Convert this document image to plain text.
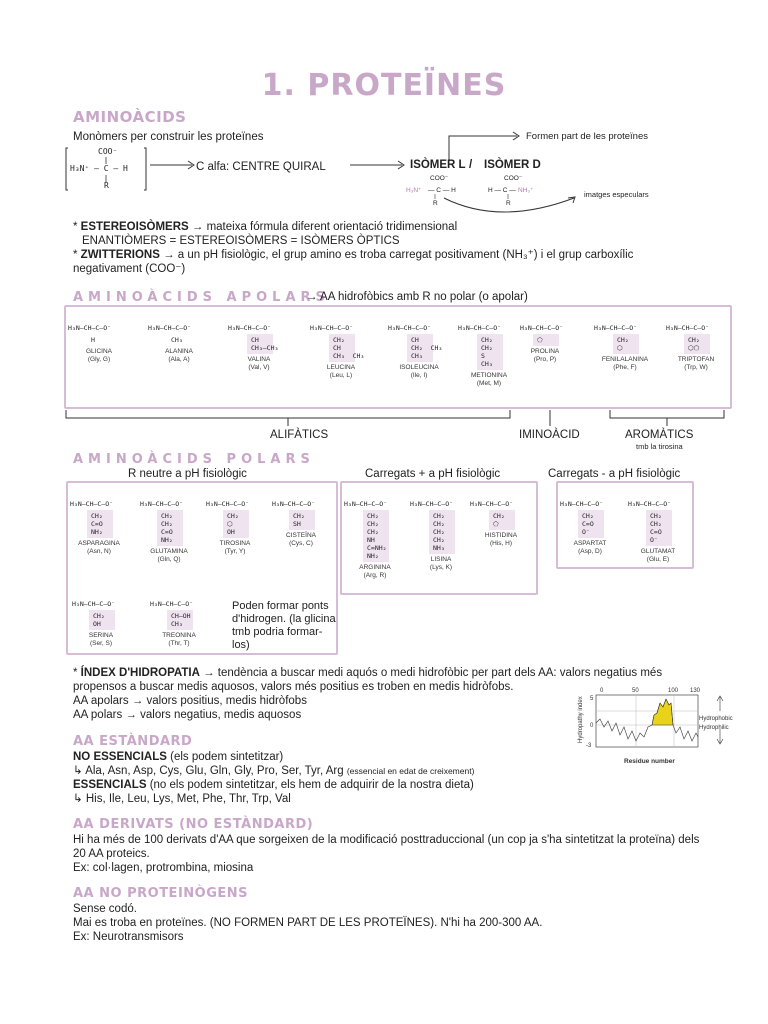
1. PROTEÏNES
AMINOÀCIDS
Monòmers per construir les proteïnes
COO⁻
H₃N⁺ — C — H
R
C alfa: CENTRE QUIRAL
Formen part de les proteïnes
ISÒMER L / ISÒMER D
COO⁻
H₃N⁺ — C — H
R
COO⁻
H — C — NH₃⁺
R
imatges especulars
* ESTEREOISÒMERS → mateixa fórmula diferent orientació tridimensional
ENANTIÒMERS = ESTEREOISÒMERS = ISÒMERS ÒPTICS
* ZWITTERIONS → a un pH fisiològic, el grup amino es troba carregat positivament (NH₃⁺) i el grup carboxílic negativament (COO⁻)
AMINOÀCIDS APOLARS
→ AA hidrofòbics amb R no polar (o apolar)
H₃N—CH—C—O⁻
H
GLICINA
(Gly, G)
H₃N—CH—C—O⁻
CH₃
ALANINA
(Ala, A)
H₃N—CH—C—O⁻
CH
CH₃—CH₃
VALINA
(Val, V)
H₃N—CH—C—O⁻
CH₂
CH
CH₃  CH₃
LEUCINA
(Leu, L)
H₃N—CH—C—O⁻
CH
CH₂  CH₃
CH₃
ISOLEUCINA
(Ile, I)
H₃N—CH—C—O⁻
CH₂
CH₂
S
CH₃
METIONINA
(Met, M)
H₃N—CH—C—O⁻
⬠
PROLINA
(Pro, P)
H₃N—CH—C—O⁻
CH₂
⬡
FENILALANINA
(Phe, F)
H₃N—CH—C—O⁻
CH₂
⬡⬠
TRIPTOFAN
(Trp, W)
ALIFÀTICS	IMINOÀCID	AROMÀTICS
tmb la tirosina
AMINOÀCIDS POLARS
R neutre a pH fisiològic	Carregats + a pH fisiològic	Carregats - a pH fisiològic
H₃N—CH—C—O⁻
CH₂
C=O
NH₂
ASPARAGINA
(Asn, N)
H₃N—CH—C—O⁻
CH₂
CH₂
C=O
NH₂
GLUTAMINA
(Gln, Q)
H₃N—CH—C—O⁻
CH₂
⬡
OH
TIROSINA
(Tyr, Y)
H₃N—CH—C—O⁻
CH₂
SH
CISTEÏNA
(Cys, C)
H₃N—CH—C—O⁻
CH₂
OH
SERINA
(Ser, S)
H₃N—CH—C—O⁻
CH—OH
CH₃
TREONINA
(Thr, T)
H₃N—CH—C—O⁻
CH₂
CH₂
CH₂
NH
C=NH₂
NH₂
ARGININA
(Arg, R)
H₃N—CH—C—O⁻
CH₂
CH₂
CH₂
CH₂
NH₃
LISINA
(Lys, K)
H₃N—CH—C—O⁻
CH₂
⬠
HISTIDINA
(His, H)
H₃N—CH—C—O⁻
CH₂
C=O
O⁻
ASPARTAT
(Asp, D)
H₃N—CH—C—O⁻
CH₂
CH₂
C=O
O⁻
GLUTAMAT
(Glu, E)
Poden formar ponts d'hidrogen. (la glicina tmb podria formar-los)
* ÍNDEX D'HIDROPATIA → tendència a buscar medi aquós o medi hidrofòbic per part dels AA: valors negatius més propensos a buscar medis aquosos, valors més positius es troben en medis hidròfobs.
AA apolars → valors positius, medis hidròfobs
AA polars → valors negatius, medis aquosos
0	50	100 130
5
0
-3
Hydropathy index
Residue number
Hydrophobic
Hydrophilic
AA ESTÀNDARD
NO ESSENCIALS (els podem sintetitzar)
↳ Ala, Asn, Asp, Cys, Glu, Gln, Gly, Pro, Ser, Tyr, Arg (essencial en edat de creixement)
ESSENCIALS (no els podem sintetitzar, els hem de adquirir de la nostra dieta)
↳ His, Ile, Leu, Lys, Met, Phe, Thr, Trp, Val
AA DERIVATS (NO ESTÀNDARD)
Hi ha més de 100 derivats d'AA que sorgeixen de la modificació posttraduccional (un cop ja s'ha sintetitzat la proteïna) dels 20 AA proteics.
Ex: col·lagen, protrombina, miosina
AA NO PROTEINÒGENS
Sense codó.
Mai es troba en proteïnes. (NO FORMEN PART DE LES PROTEÏNES). N'hi ha 200-300 AA.
Ex: Neurotransmisors
